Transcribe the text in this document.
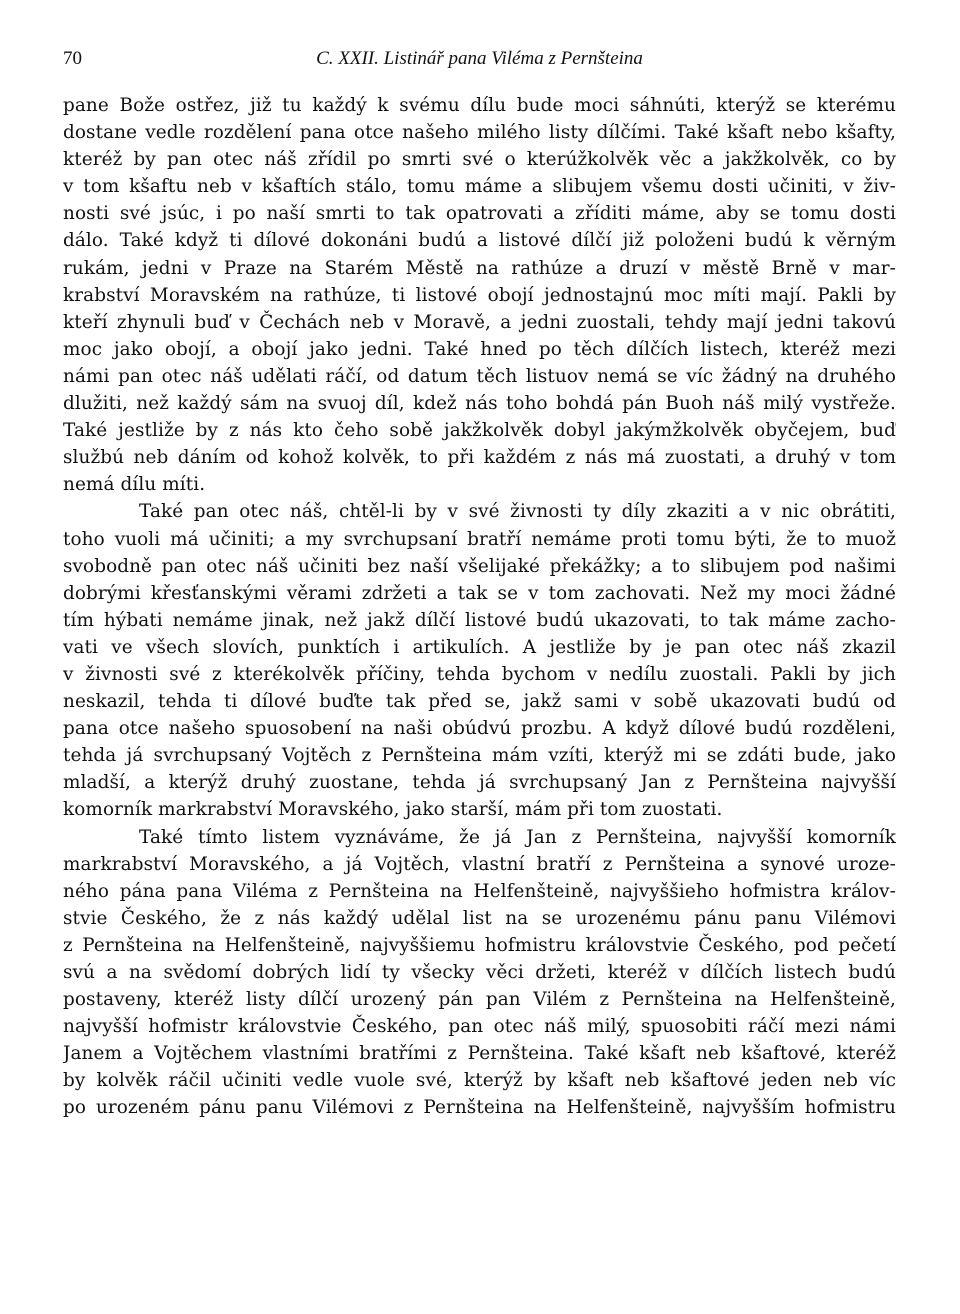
70	C. XXII. Listinář pana Viléma z Pernšteina
pane Bože ostřez, již tu každý k svému dílu bude moci sáhnúti, kterýž se kterému
dostane vedle rozdělení pana otce našeho milého listy dílčími. Také kšaft nebo kšafty,
kteréž by pan otec náš zřídil po smrti své o kterúžkolvěk věc a jakžkolvěk, co by
v tom kšaftu neb v kšaftích stálo, tomu máme a slibujem všemu dosti učiniti, v živ-
nosti své jsúc, i po naší smrti to tak opatrovati a zříditi máme, aby se tomu dosti
dálo. Také když ti dílové dokonáni budú a listové dílčí již položeni budú k věrným
rukám, jedni v Praze na Starém Městě na rathúze a druzí v městě Brně v mar-
krabství Moravském na rathúze, ti listové obojí jednostajnú moc míti mají. Pakli by
kteří zhynuli buď v Čechách neb v Moravě, a jedni zuostali, tehdy mají jedni takovú
moc jako obojí, a obojí jako jedni. Také hned po těch dílčích listech, kteréž mezi
námi pan otec náš udělati ráčí, od datum těch listuov nemá se víc žádný na druhého
dlužiti, než každý sám na svuoj díl, kdež nás toho bohdá pán Buoh náš milý vystřeže.
Také jestliže by z nás kto čeho sobě jakžkolvěk dobyl jakýmžkolvěk obyčejem, buď
službú neb dáním od kohož kolvěk, to při každém z nás má zuostati, a druhý v tom
nemá dílu míti.
Také pan otec náš, chtěl-li by v své živnosti ty díly zkaziti a v nic obrátiti,
toho vuoli má učiniti; a my svrchupsaní bratří nemáme proti tomu býti, že to muož
svobodně pan otec náš učiniti bez naší všelijaké překážky; a to slibujem pod našimi
dobrými křesťanskými věrami zdržeti a tak se v tom zachovati. Než my moci žádné
tím hýbati nemáme jinak, než jakž dílčí listové budú ukazovati, to tak máme zacho-
vati ve všech slovích, punktích i artikulích. A jestliže by je pan otec náš zkazil
v živnosti své z kterékolvěk příčiny, tehda bychom v nedílu zuostali. Pakli by jich
neskazil, tehda ti dílové buďte tak před se, jakž sami v sobě ukazovati budú od
pana otce našeho spuosobení na naši obúdvú prozbu. A když dílové budú rozděleni,
tehda já svrchupsaný Vojtěch z Pernšteina mám vzíti, kterýž mi se zdáti bude, jako
mladší, a kterýž druhý zuostane, tehda já svrchupsaný Jan z Pernšteina najvyšší
komorník markrabství Moravského, jako starší, mám při tom zuostati.
Také tímto listem vyznáváme, že já Jan z Pernšteina, najvyšší komorník
markrabství Moravského, a já Vojtěch, vlastní bratří z Pernšteina a synové uroze-
ného pána pana Viléma z Pernšteina na Helfenšteině, najvyššieho hofmistra králov-
stvie Českého, že z nás každý udělal list na se urozenému pánu panu Vilémovi
z Pernšteina na Helfenšteině, najvyššiemu hofmistru královstvie Českého, pod pečetí
svú a na svědomí dobrých lidí ty všecky věci držeti, kteréž v dílčích listech budú
postaveny, kteréž listy dílčí urozený pán pan Vilém z Pernšteina na Helfenšteině,
najvyšší hofmistr královstvie Českého, pan otec náš milý, spuosobiti ráčí mezi námi
Janem a Vojtěchem vlastními bratřími z Pernšteina. Také kšaft neb kšaftové, kteréž
by kolvěk ráčil učiniti vedle vuole své, kterýž by kšaft neb kšaftové jeden neb víc
po urozeném pánu panu Vilémovi z Pernšteina na Helfenšteině, najvyšším hofmistru
